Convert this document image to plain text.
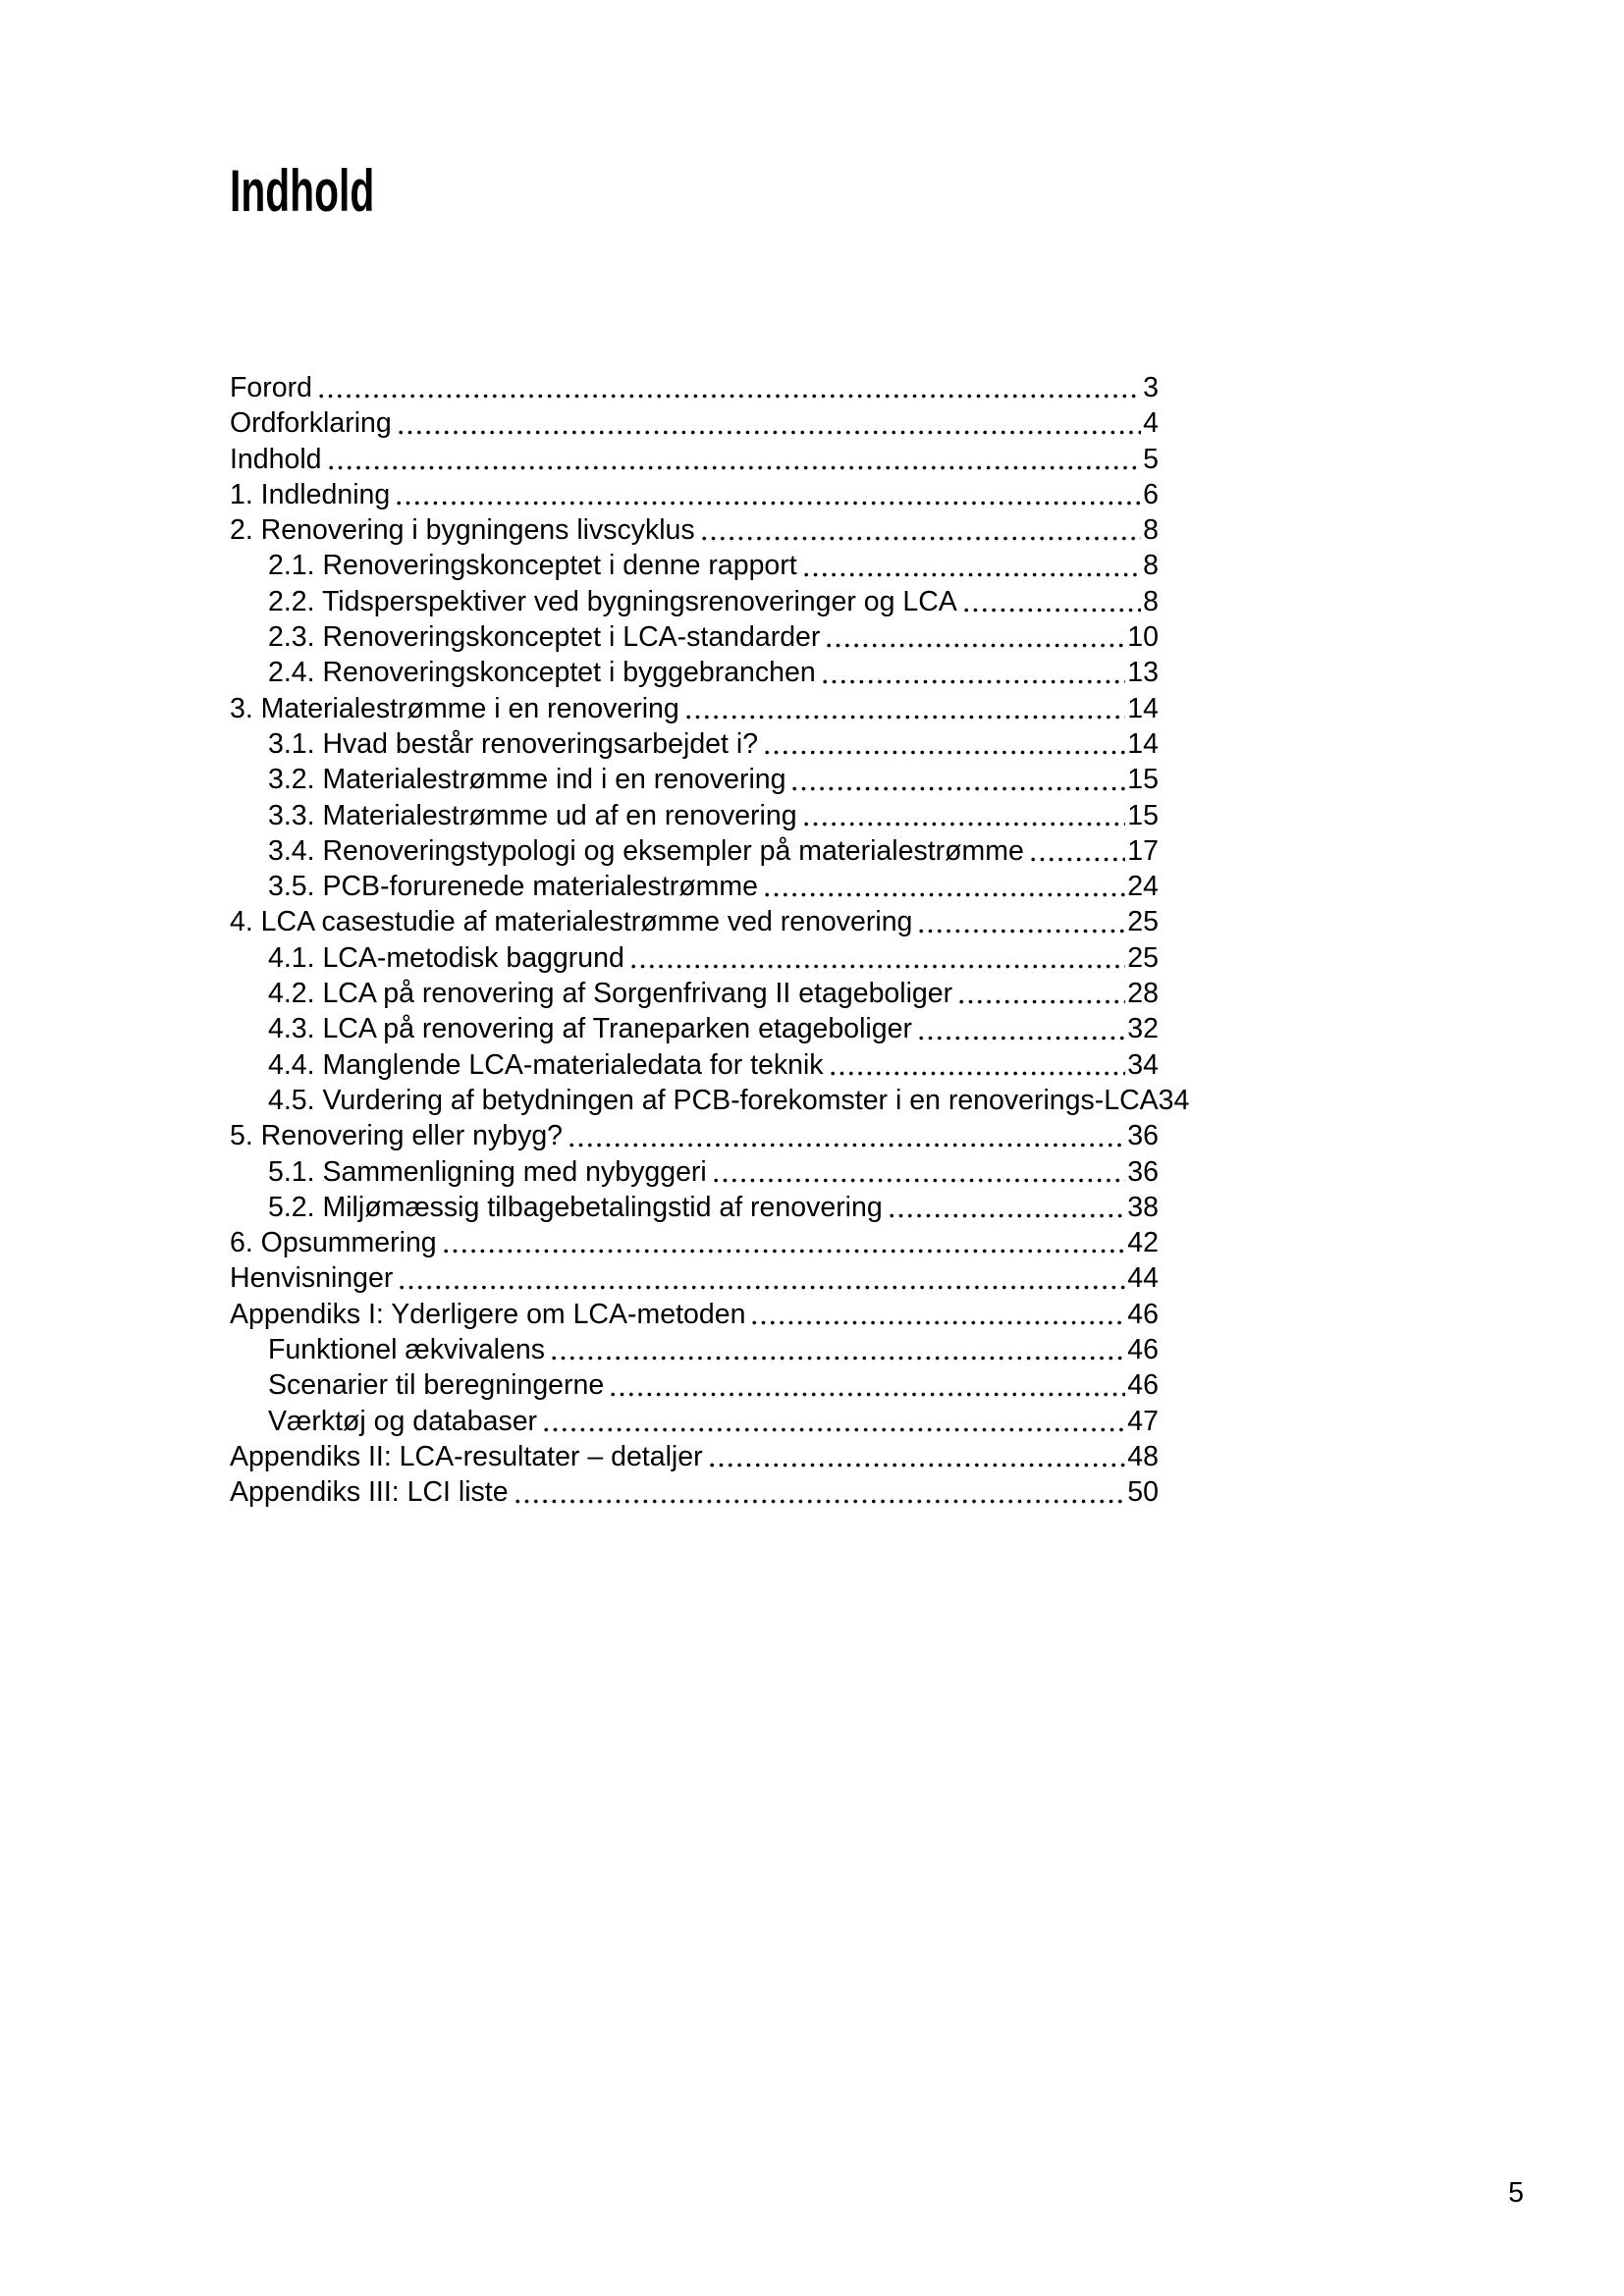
Indhold
Forord	3
Ordforklaring	4
Indhold	5
1. Indledning	6
2. Renovering i bygningens livscyklus	8
2.1. Renoveringskonceptet i denne rapport	8
2.2. Tidsperspektiver ved bygningsrenoveringer og LCA	8
2.3. Renoveringskonceptet i LCA-standarder	10
2.4. Renoveringskonceptet i byggebranchen	13
3. Materialestrømme i en renovering	14
3.1. Hvad består renoveringsarbejdet i?	14
3.2. Materialestrømme ind i en renovering	15
3.3. Materialestrømme ud af en renovering	15
3.4. Renoveringstypologi og eksempler på materialestrømme	17
3.5. PCB-forurenede materialestrømme	24
4. LCA casestudie af materialestrømme ved renovering	25
4.1. LCA-metodisk baggrund	25
4.2. LCA på renovering af Sorgenfrivang II etageboliger	28
4.3. LCA på renovering af Traneparken etageboliger	32
4.4. Manglende LCA-materialedata for teknik	34
4.5. Vurdering af betydningen af PCB-forekomster i en renoverings-LCA 34
5. Renovering eller nybyg?	36
5.1. Sammenligning med nybyggeri	36
5.2. Miljømæssig tilbagebetalingstid af renovering	38
6. Opsummering	42
Henvisninger	44
Appendiks I: Yderligere om LCA-metoden	46
Funktionel ækvivalens	46
Scenarier til beregningerne	46
Værktøj og databaser	47
Appendiks II: LCA-resultater – detaljer	48
Appendiks III: LCI liste	50
5
